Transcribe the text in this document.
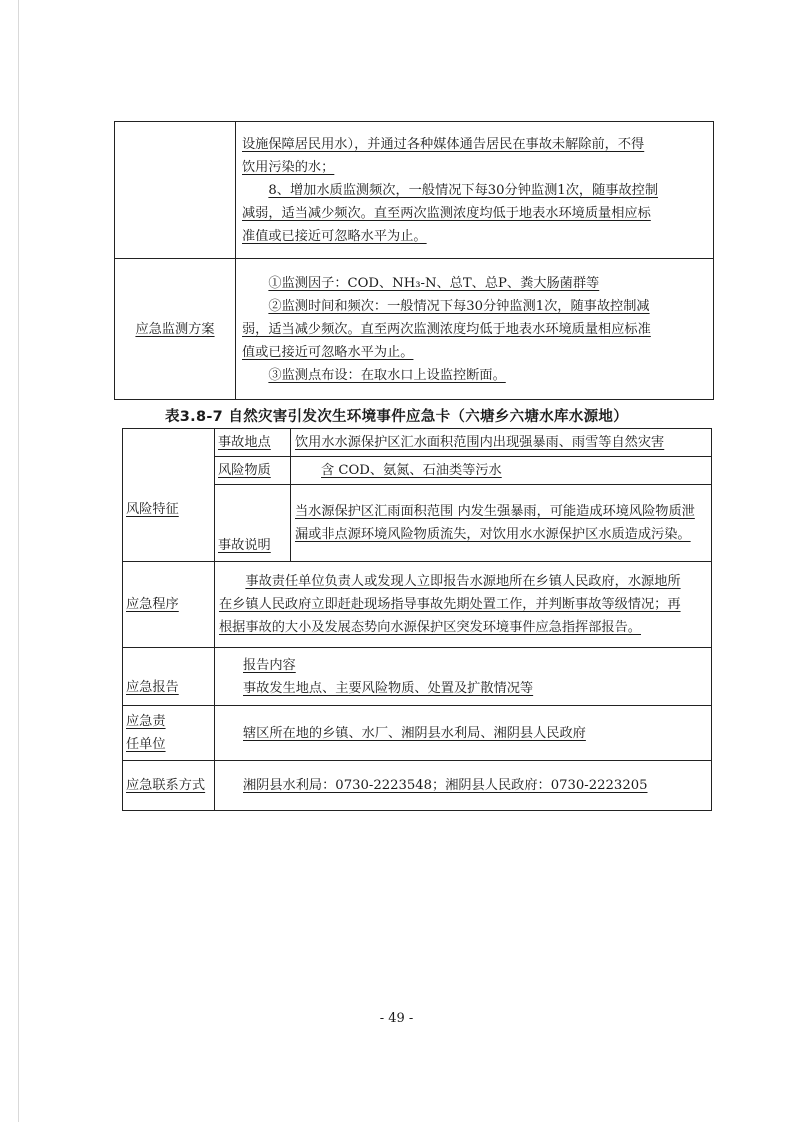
	设施保障居民用水），并通过各种媒体通告居民在事故未解除前，不得
饮用污染的水；
8、增加水质监测频次，一般情况下每30分钟监测1次，随事故控制
减弱，适当减少频次。直至两次监测浓度均低于地表水环境质量相应标
准值或已接近可忽略水平为止。

应急监测方案	①监测因子：COD、NH₃-N、总T、总P、粪大肠菌群等
②监测时间和频次：一般情况下每30分钟监测1次，随事故控制减
弱，适当减少频次。直至两次监测浓度均低于地表水环境质量相应标准
值或已接近可忽略水平为止。
③监测点布设：在取水口上设监控断面。
表3.8-7 自然灾害引发次生环境事件应急卡（六塘乡六塘水库水源地）
风险特征	事故地点	饮用水水源保护区汇水面积范围内出现强暴雨、雨雪等自然灾害
	风险物质	含 COD、氨氮、石油类等污水
	事故说明	当水源保护区汇雨面积范围 内发生强暴雨，可能造成环境风险物质泄
漏或非点源环境风险物质流失，对饮用水水源保护区水质造成污染。

应急程序	事故责任单位负责人或发现人立即报告水源地所在乡镇人民政府，水源地所
在乡镇人民政府立即赶赴现场指导事故先期处置工作，并判断事故等级情况；再
根据事故的大小及发展态势向水源保护区突发环境事件应急指挥部报告。	

应急报告	报告内容
事故发生地点、主要风险物质、处置及扩散情况等	

应急责
任单位	辖区所在地的乡镇、水厂、湘阴县水利局、湘阴县人民政府	
应急联系方式	湘阴县水利局：0730-2223548；湘阴县人民政府：0730-2223205	
- 49 -
